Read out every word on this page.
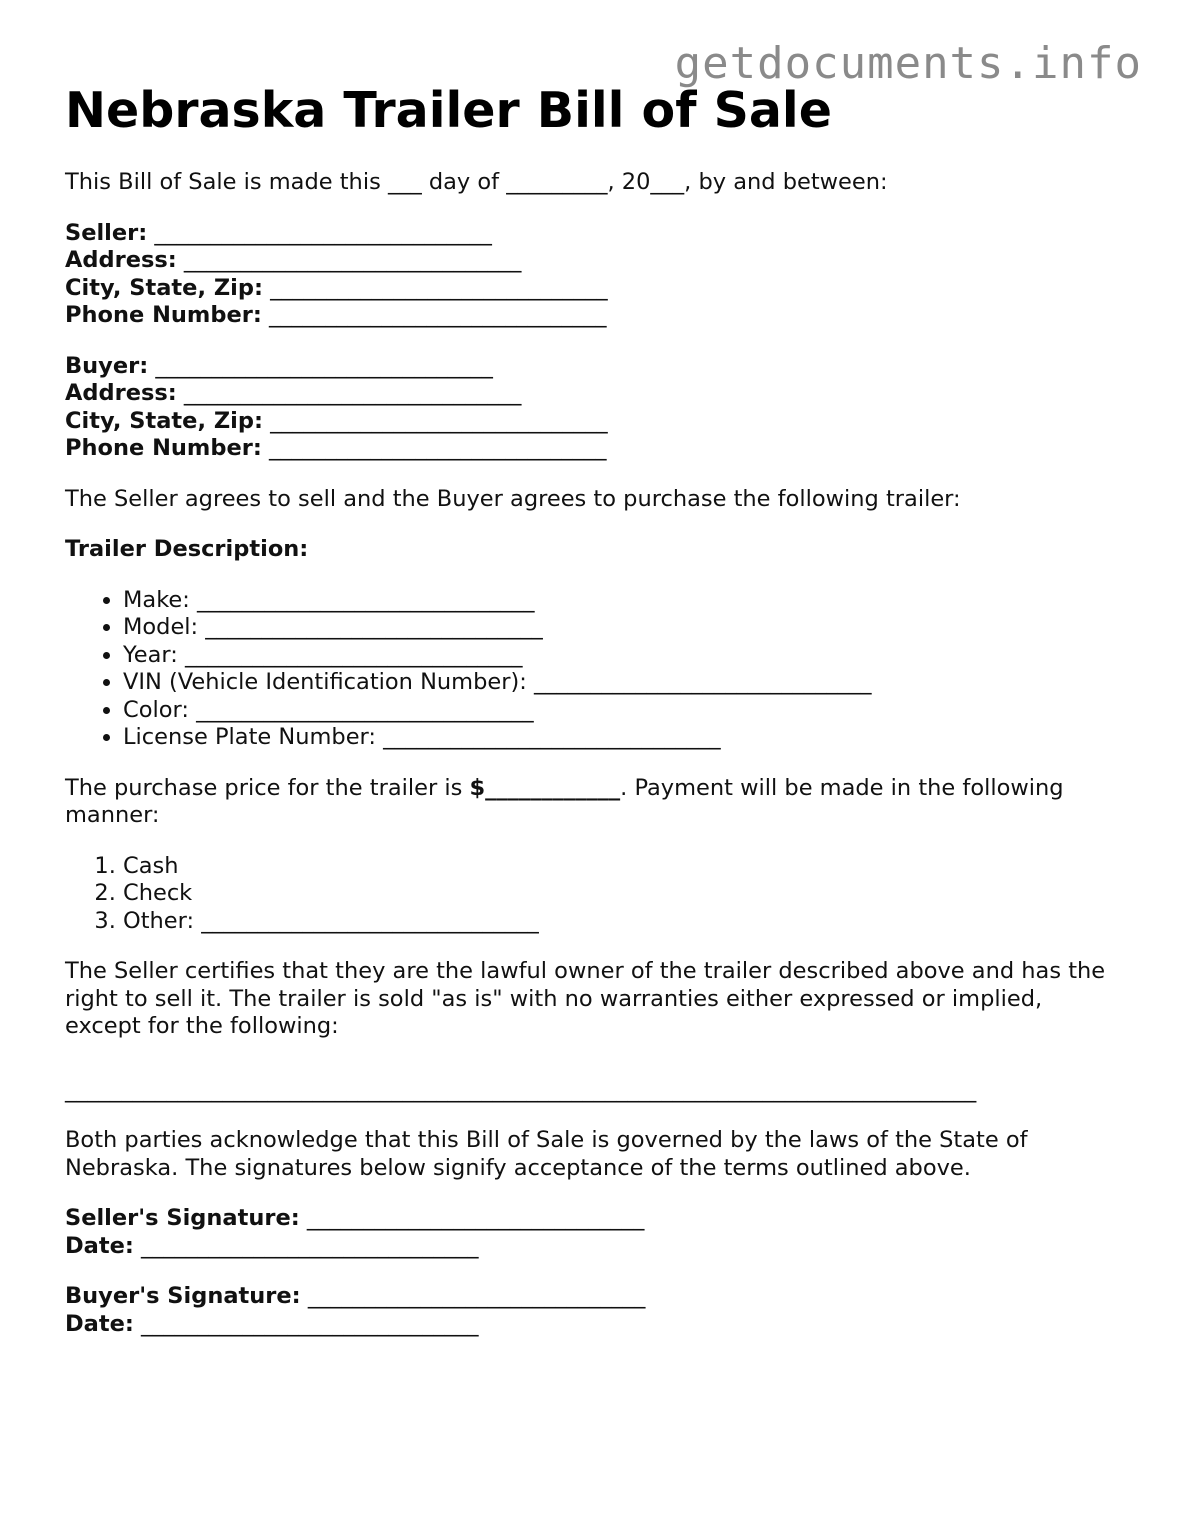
getdocuments.info
Nebraska Trailer Bill of Sale

This Bill of Sale is made this ___ day of _________, 20___, by and between:

Seller: ______________________________
Address: ______________________________
City, State, Zip: ______________________________
Phone Number: ______________________________
Buyer: ______________________________
Address: ______________________________
City, State, Zip: ______________________________
Phone Number: ______________________________

The Seller agrees to sell and the Buyer agrees to purchase the following trailer:

Trailer Description:

• Make: ______________________________
• Model: ______________________________
• Year: ______________________________
• VIN (Vehicle Identification Number): ______________________________
• Color: ______________________________
• License Plate Number: ______________________________

The purchase price for the trailer is $____________. Payment will be made in the following manner:

1. Cash
2. Check
3. Other: ______________________________

The Seller certifies that they are the lawful owner of the trailer described above and has the right to sell it. The trailer is sold "as is" with no warranties either expressed or implied, except for the following:

_________________________________________________________________________________

Both parties acknowledge that this Bill of Sale is governed by the laws of the State of Nebraska. The signatures below signify acceptance of the terms outlined above.

Seller's Signature: ______________________________
Date: ______________________________
Buyer's Signature: ______________________________
Date: ______________________________
